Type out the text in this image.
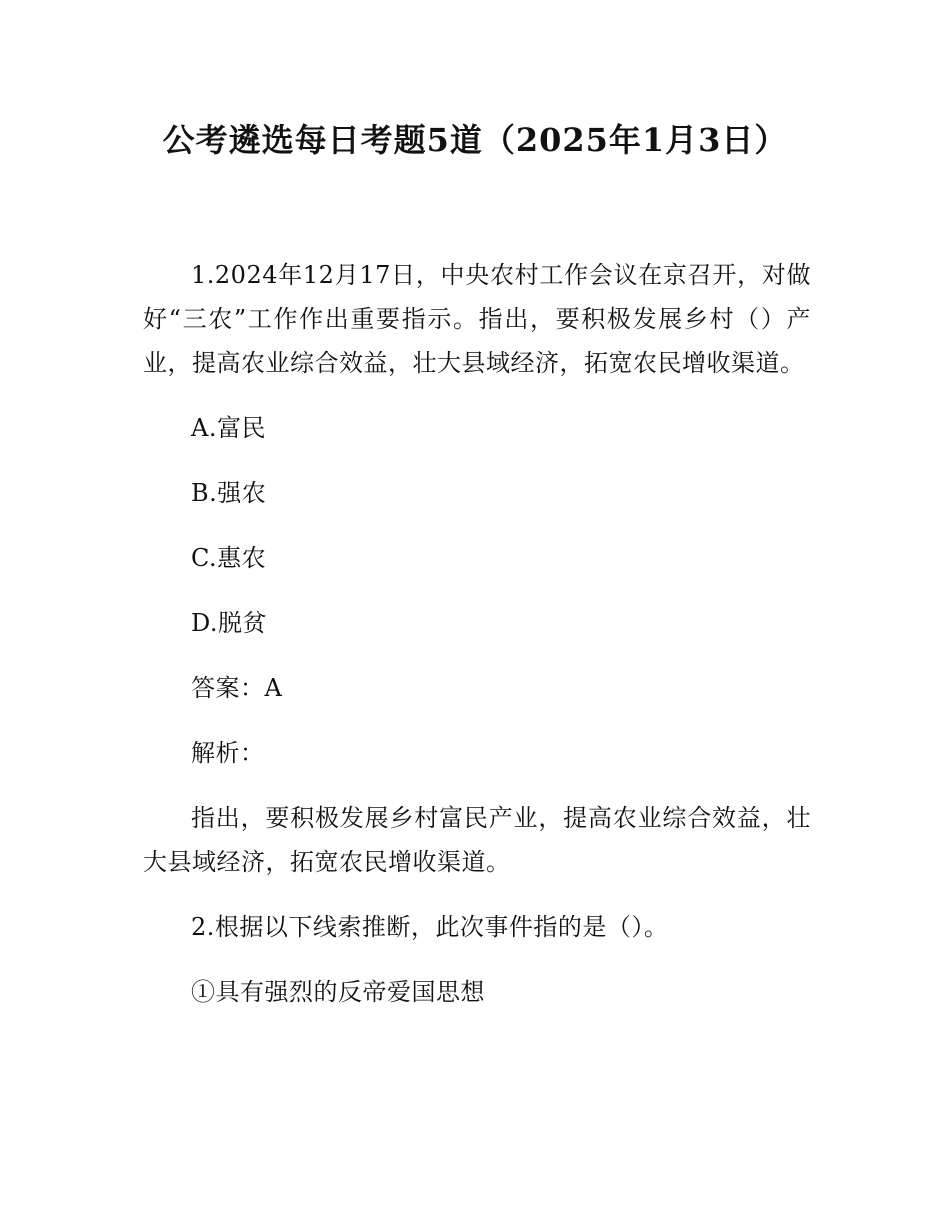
公考遴选每日考题5道（2025年1月3日）

1.2024年12月17日，中央农村工作会议在京召开，对做好“三农”工作作出重要指示。指出，要积极发展乡村（）产业，提高农业综合效益，壮大县域经济，拓宽农民增收渠道。

A.富民
B.强农
C.惠农
D.脱贫
答案：A
解析：

指出，要积极发展乡村富民产业，提高农业综合效益，壮大县域经济，拓宽农民增收渠道。

2.根据以下线索推断，此次事件指的是（）。
①具有强烈的反帝爱国思想
